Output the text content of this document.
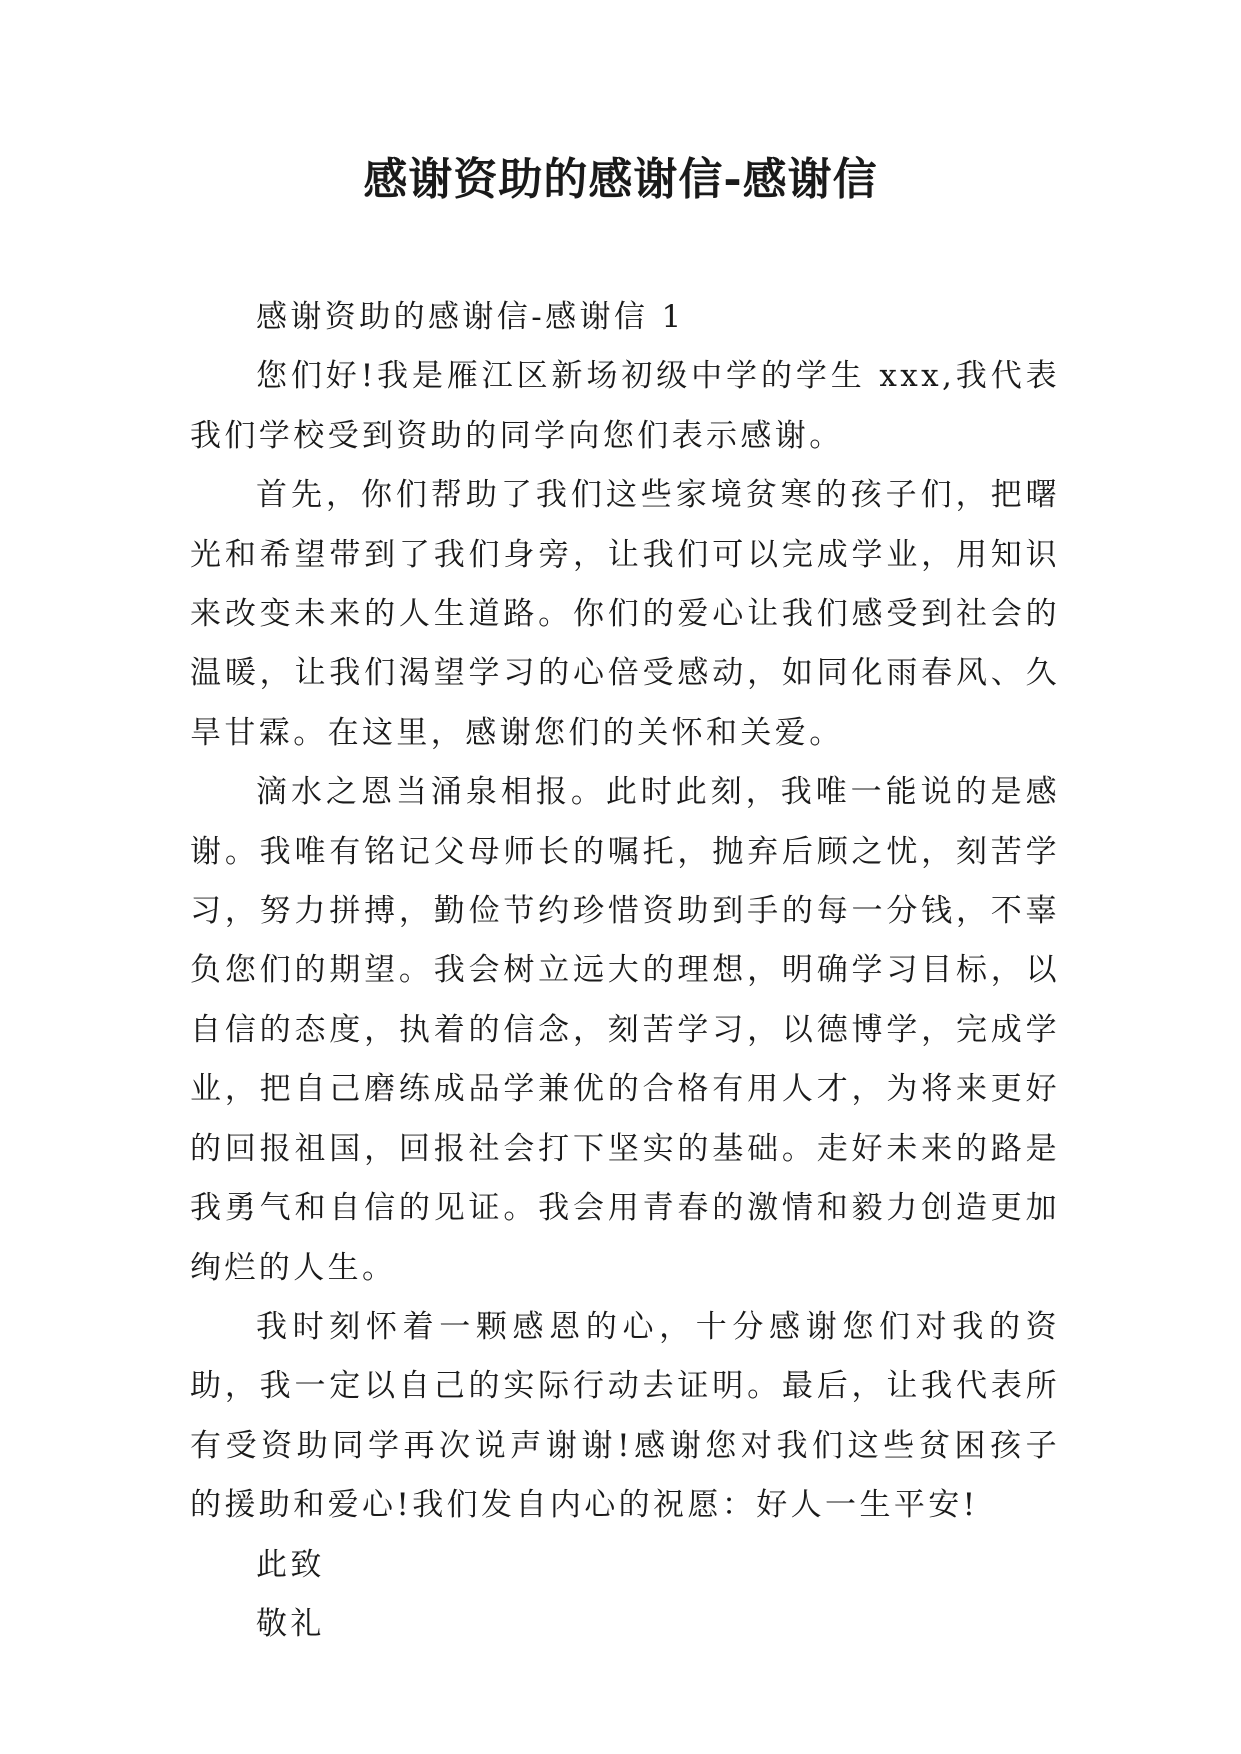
感谢资助的感谢信-感谢信

感谢资助的感谢信-感谢信 1

您们好!我是雁江区新场初级中学的学生 xxx,我代表我们学校受到资助的同学向您们表示感谢。

首先，你们帮助了我们这些家境贫寒的孩子们，把曙光和希望带到了我们身旁，让我们可以完成学业，用知识来改变未来的人生道路。你们的爱心让我们感受到社会的温暖，让我们渴望学习的心倍受感动，如同化雨春风、久旱甘霖。在这里，感谢您们的关怀和关爱。

滴水之恩当涌泉相报。此时此刻，我唯一能说的是感谢。我唯有铭记父母师长的嘱托，抛弃后顾之忧，刻苦学习，努力拼搏，勤俭节约珍惜资助到手的每一分钱，不辜负您们的期望。我会树立远大的理想，明确学习目标，以自信的态度，执着的信念，刻苦学习，以德博学，完成学业，把自己磨练成品学兼优的合格有用人才，为将来更好的回报祖国，回报社会打下坚实的基础。走好未来的路是我勇气和自信的见证。我会用青春的激情和毅力创造更加绚烂的人生。

我时刻怀着一颗感恩的心，十分感谢您们对我的资助，我一定以自己的实际行动去证明。最后，让我代表所有受资助同学再次说声谢谢!感谢您对我们这些贫困孩子的援助和爱心!我们发自内心的祝愿：好人一生平安!

此致

敬礼
